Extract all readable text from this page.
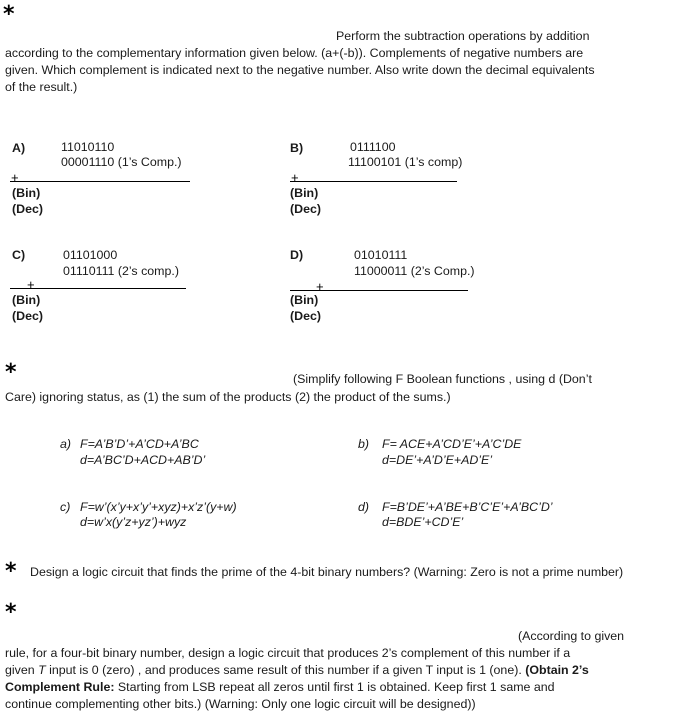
*
Perform the subtraction operations by addition
according to the complementary information given below. (a+(-b)). Complements of negative numbers are
given. Which complement is indicated next to the negative number. Also write down the decimal equivalents
of the result.)
A)	11010110
00001110 (1’s Comp.)
+
(Bin)
(Dec)
B)	0111100
11100101 (1’s comp)
+
(Bin)
(Dec)
C)	01101000
01110111 (2’s comp.)
+
(Bin)
(Dec)
D)	01010111
11000011 (2’s Comp.)
+
(Bin)
(Dec)
*	(Simplify following F Boolean functions , using d (Don’t
Care) ignoring status, as (1) the sum of the products (2) the product of the sums.)
a) F=A’B’D’+A’CD+A’BC
d=A’BC’D+ACD+AB’D’
b) F= ACE+A’CD’E’+A’C’DE
d=DE’+A’D’E+AD’E’
c) F=w’(x’y+x’y’+xyz)+x’z’(y+w)
d=w’x(y’z+yz’)+wyz
d) F=B’DE’+A’BE+B’C’E’+A’BC’D’
d=BDE’+CD’E’
* Design a logic circuit that finds the prime of the 4-bit binary numbers? (Warning: Zero is not a prime number)
*
(According to given
rule, for a four-bit binary number, design a logic circuit that produces 2’s complement of this number if a
given T input is 0 (zero) , and produces same result of this number if a given T input is 1 (one). (Obtain 2’s
Complement Rule: Starting from LSB repeat all zeros until first 1 is obtained. Keep first 1 same and
continue complementing other bits.) (Warning: Only one logic circuit will be designed))
